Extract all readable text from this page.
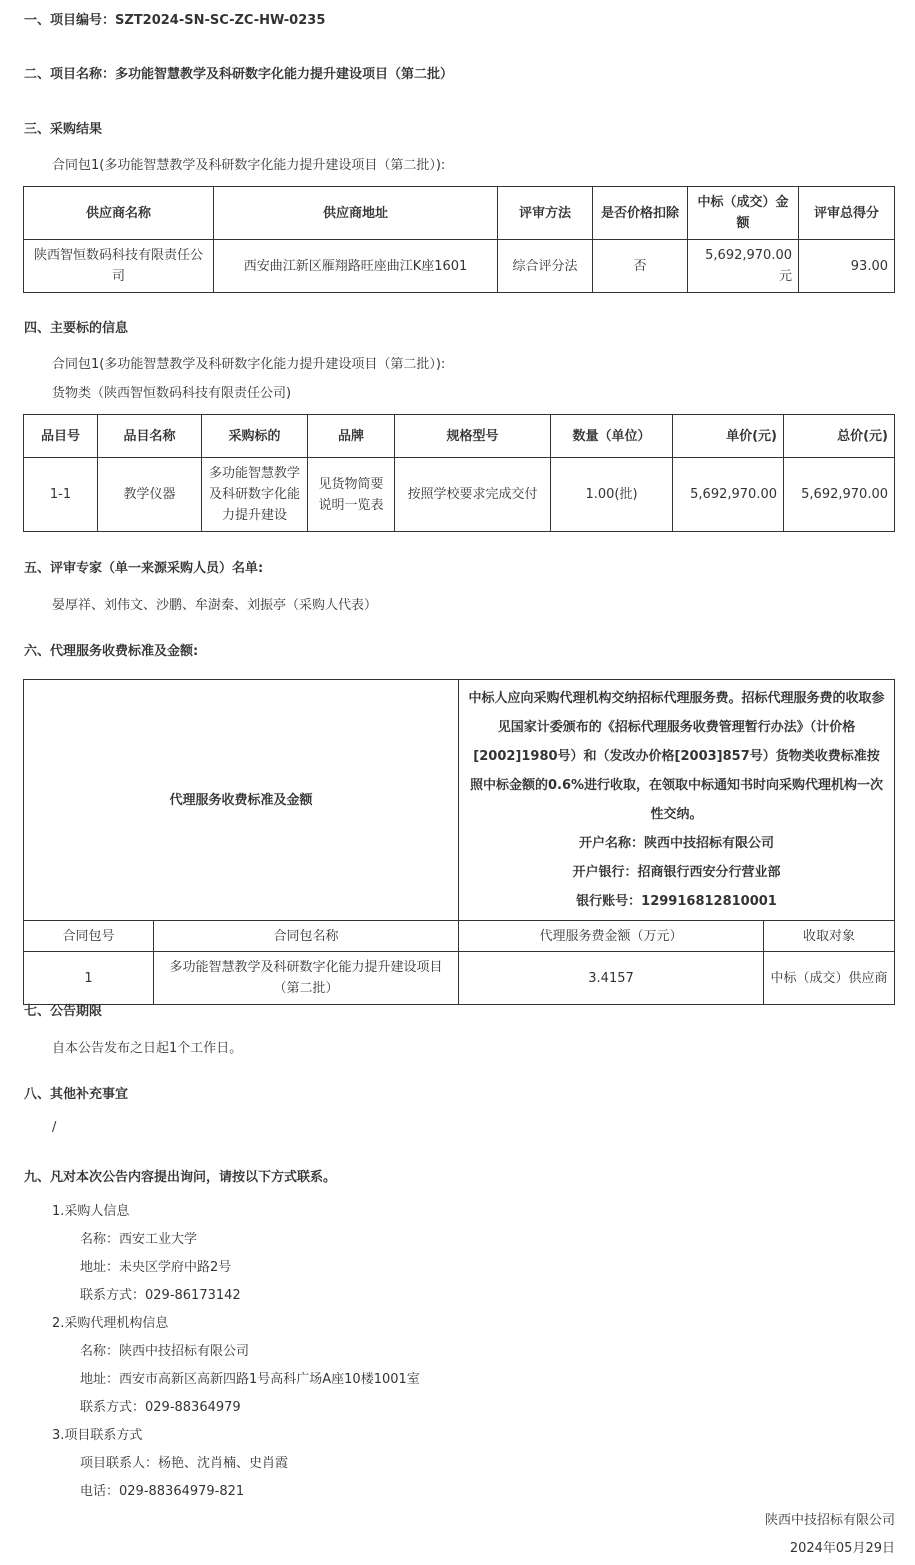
一、项目编号：SZT2024-SN-SC-ZC-HW-0235
二、项目名称：多功能智慧教学及科研数字化能力提升建设项目（第二批）
三、采购结果
合同包1(多功能智慧教学及科研数字化能力提升建设项目（第二批）):
供应商名称	供应商地址	评审方法	是否价格扣除	中标（成交）金额	评审总得分
陕西智恒数码科技有限责任公司	西安曲江新区雁翔路旺座曲江K座1601	综合评分法	否	5,692,970.00元	93.00
四、主要标的信息
合同包1(多功能智慧教学及科研数字化能力提升建设项目（第二批）):
货物类（陕西智恒数码科技有限责任公司)
品目号	品目名称	采购标的	品牌	规格型号	数量（单位）	单价(元)	总价(元)
1-1	教学仪器	多功能智慧教学及科研数字化能力提升建设	见货物简要说明一览表	按照学校要求完成交付	1.00(批)	5,692,970.00	5,692,970.00
五、评审专家（单一来源采购人员）名单:
晏厚祥、刘伟文、沙鹏、牟澍秦、刘振亭（采购人代表）
六、代理服务收费标准及金额:
代理服务收费标准及金额		中标人应向采购代理机构交纳招标代理服务费。招标代理服务费的收取参见国家计委颁布的《招标代理服务收费管理暂行办法》（计价格[2002]1980号）和（发改办价格[2003]857号）货物类收费标准按照中标金额的0.6%进行收取，在领取中标通知书时向采购代理机构一次性交纳。
开户名称：陕西中技招标有限公司
开户银行：招商银行西安分行营业部
银行账号：129916812810001	

合同包号	合同包名称	代理服务费金额（万元）	收取对象
1	多功能智慧教学及科研数字化能力提升建设项目（第二批）	3.4157	中标（成交）供应商
七、公告期限
自本公告发布之日起1个工作日。
八、其他补充事宜
/
九、凡对本次公告内容提出询问，请按以下方式联系。
1.采购人信息
名称：西安工业大学
地址：未央区学府中路2号
联系方式：029-86173142
2.采购代理机构信息
名称：陕西中技招标有限公司
地址：西安市高新区高新四路1号高科广场A座10楼1001室
联系方式：029-88364979
3.项目联系方式
项目联系人：杨艳、沈肖楠、史肖霞
电话：029-88364979-821
陕西中技招标有限公司
2024年05月29日
